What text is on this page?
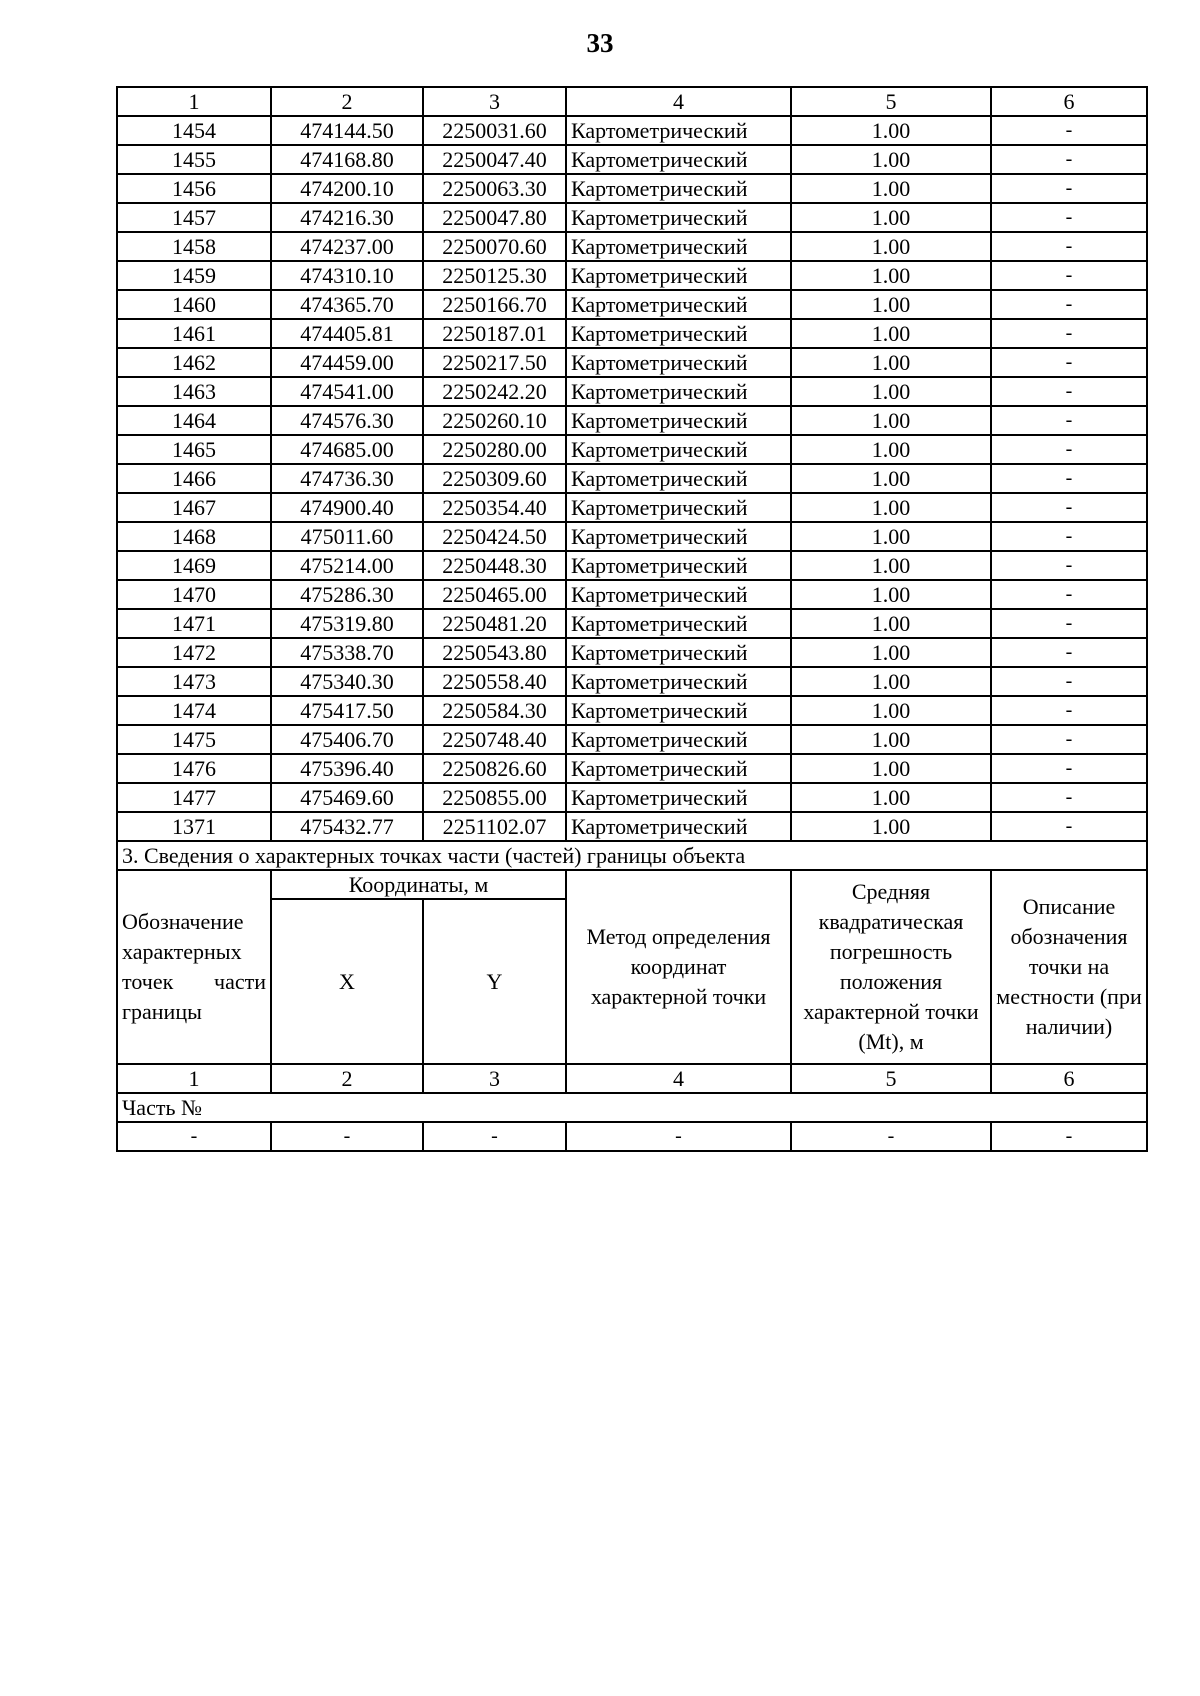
33
1	2	3	4	5	6
1454	474144.50	2250031.60	Картометрический	1.00	-
1455	474168.80	2250047.40	Картометрический	1.00	-
1456	474200.10	2250063.30	Картометрический	1.00	-
1457	474216.30	2250047.80	Картометрический	1.00	-
1458	474237.00	2250070.60	Картометрический	1.00	-
1459	474310.10	2250125.30	Картометрический	1.00	-
1460	474365.70	2250166.70	Картометрический	1.00	-
1461	474405.81	2250187.01	Картометрический	1.00	-
1462	474459.00	2250217.50	Картометрический	1.00	-
1463	474541.00	2250242.20	Картометрический	1.00	-
1464	474576.30	2250260.10	Картометрический	1.00	-
1465	474685.00	2250280.00	Картометрический	1.00	-
1466	474736.30	2250309.60	Картометрический	1.00	-
1467	474900.40	2250354.40	Картометрический	1.00	-
1468	475011.60	2250424.50	Картометрический	1.00	-
1469	475214.00	2250448.30	Картометрический	1.00	-
1470	475286.30	2250465.00	Картометрический	1.00	-
1471	475319.80	2250481.20	Картометрический	1.00	-
1472	475338.70	2250543.80	Картометрический	1.00	-
1473	475340.30	2250558.40	Картометрический	1.00	-
1474	475417.50	2250584.30	Картометрический	1.00	-
1475	475406.70	2250748.40	Картометрический	1.00	-
1476	475396.40	2250826.60	Картометрический	1.00	-
1477	475469.60	2250855.00	Картометрический	1.00	-
1371	475432.77	2251102.07	Картометрический	1.00	-
3. Сведения о характерных точках части (частей) границы объекта					

Обозначение
характерных
точек части
границы	Координаты, м		Метод определения координат характерной точки	Средняя квадратическая погрешность положения характерной точки (Mt), м	Описание обозначения точки на местности (при наличии)
	X	Y			
1	2	3	4	5	6
Часть №					
-	-	-	-	-	-
